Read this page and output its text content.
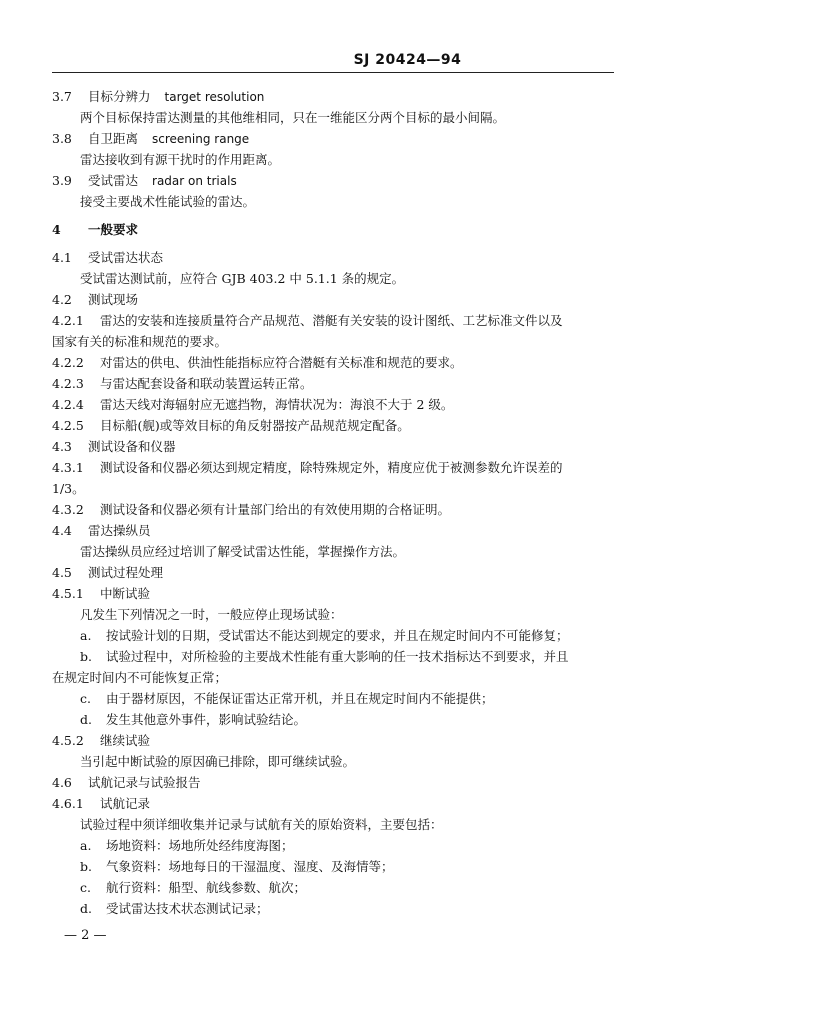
SJ 20424—94
3.7 目标分辨力 target resolution
两个目标保持雷达测量的其他维相同，只在一维能区分两个目标的最小间隔。
3.8 自卫距离 screening range
雷达接收到有源干扰时的作用距离。
3.9 受试雷达 radar on trials
接受主要战术性能试验的雷达。
4 一般要求
4.1 受试雷达状态
受试雷达测试前，应符合 GJB 403.2 中 5.1.1 条的规定。
4.2 测试现场
4.2.1 雷达的安装和连接质量符合产品规范、潜艇有关安装的设计图纸、工艺标准文件以及
国家有关的标准和规范的要求。
4.2.2 对雷达的供电、供油性能指标应符合潜艇有关标准和规范的要求。
4.2.3 与雷达配套设备和联动装置运转正常。
4.2.4 雷达天线对海辐射应无遮挡物，海情状况为：海浪不大于 2 级。
4.2.5 目标船(舰)或等效目标的角反射器按产品规范规定配备。
4.3 测试设备和仪器
4.3.1 测试设备和仪器必须达到规定精度，除特殊规定外，精度应优于被测参数允许误差的
1/3。
4.3.2 测试设备和仪器必须有计量部门给出的有效使用期的合格证明。
4.4 雷达操纵员
雷达操纵员应经过培训了解受试雷达性能，掌握操作方法。
4.5 测试过程处理
4.5.1 中断试验
凡发生下列情况之一时，一般应停止现场试验：
a. 按试验计划的日期，受试雷达不能达到规定的要求，并且在规定时间内不可能修复；
b. 试验过程中，对所检验的主要战术性能有重大影响的任一技术指标达不到要求，并且
在规定时间内不可能恢复正常；
c. 由于器材原因，不能保证雷达正常开机，并且在规定时间内不能提供；
d. 发生其他意外事件，影响试验结论。
4.5.2 继续试验
当引起中断试验的原因确已排除，即可继续试验。
4.6 试航记录与试验报告
4.6.1 试航记录
试验过程中须详细收集并记录与试航有关的原始资料，主要包括：
a. 场地资料：场地所处经纬度海图；
b. 气象资料：场地每日的干湿温度、湿度、及海情等；
c. 航行资料：船型、航线参数、航次；
d. 受试雷达技术状态测试记录；
— 2 —
